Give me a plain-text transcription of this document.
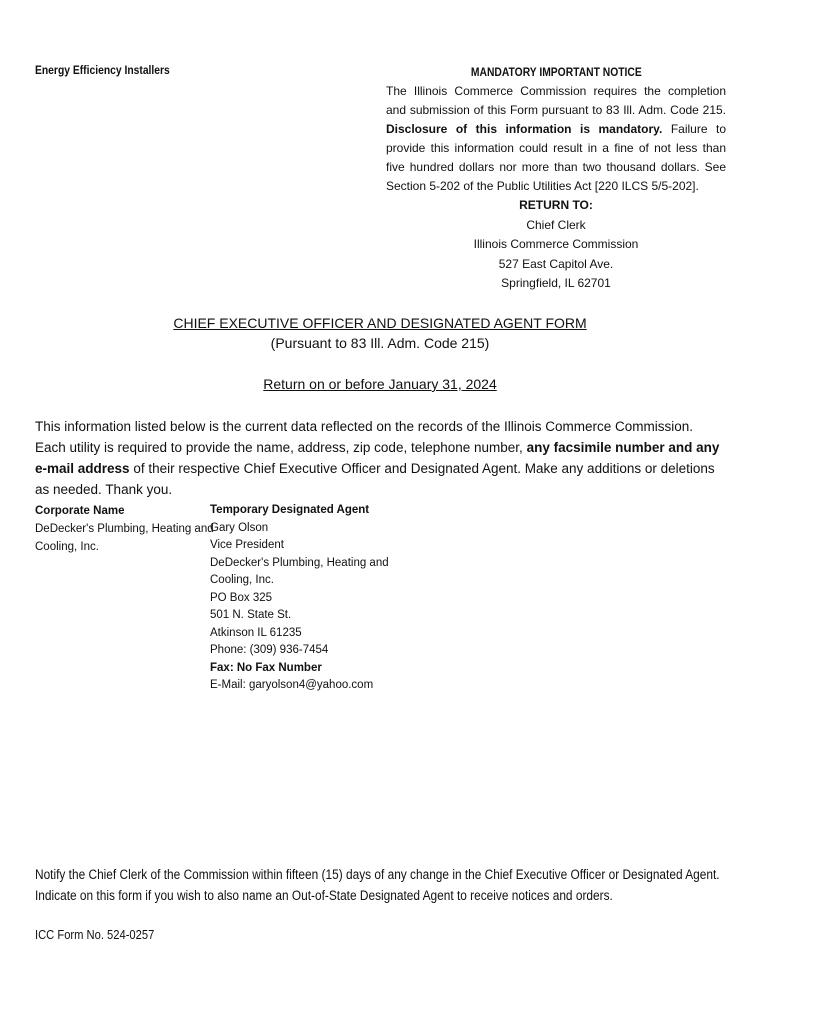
Energy Efficiency Installers	MANDATORY IMPORTANT NOTICE
The Illinois Commerce Commission requires the completion and submission of this Form pursuant to 83 Ill. Adm. Code 215. Disclosure of this information is mandatory. Failure to provide this information could result in a fine of not less than five hundred dollars nor more than two thousand dollars. See Section 5-202 of the Public Utilities Act [220 ILCS 5/5-202].
RETURN TO:
Chief Clerk
Illinois Commerce Commission
527 East Capitol Ave.
Springfield, IL 62701
CHIEF EXECUTIVE OFFICER AND DESIGNATED AGENT FORM
(Pursuant to 83 Ill. Adm. Code 215)
Return on or before January 31, 2024
This information listed below is the current data reflected on the records of the Illinois Commerce Commission. Each utility is required to provide the name, address, zip code, telephone number, any facsimile number and any e-mail address of their respective Chief Executive Officer and Designated Agent. Make any additions or deletions as needed. Thank you.
Corporate Name
DeDecker's Plumbing, Heating and
Cooling, Inc.
Temporary Designated Agent
Gary Olson
Vice President
DeDecker's Plumbing, Heating and
Cooling, Inc.
PO Box 325
501 N. State St.
Atkinson IL 61235
Phone: (309) 936-7454
Fax: No Fax Number
E-Mail: garyolson4@yahoo.com
Notify the Chief Clerk of the Commission within fifteen (15) days of any change in the Chief Executive Officer or Designated Agent.
Indicate on this form if you wish to also name an Out-of-State Designated Agent to receive notices and orders.
ICC Form No. 524-0257
